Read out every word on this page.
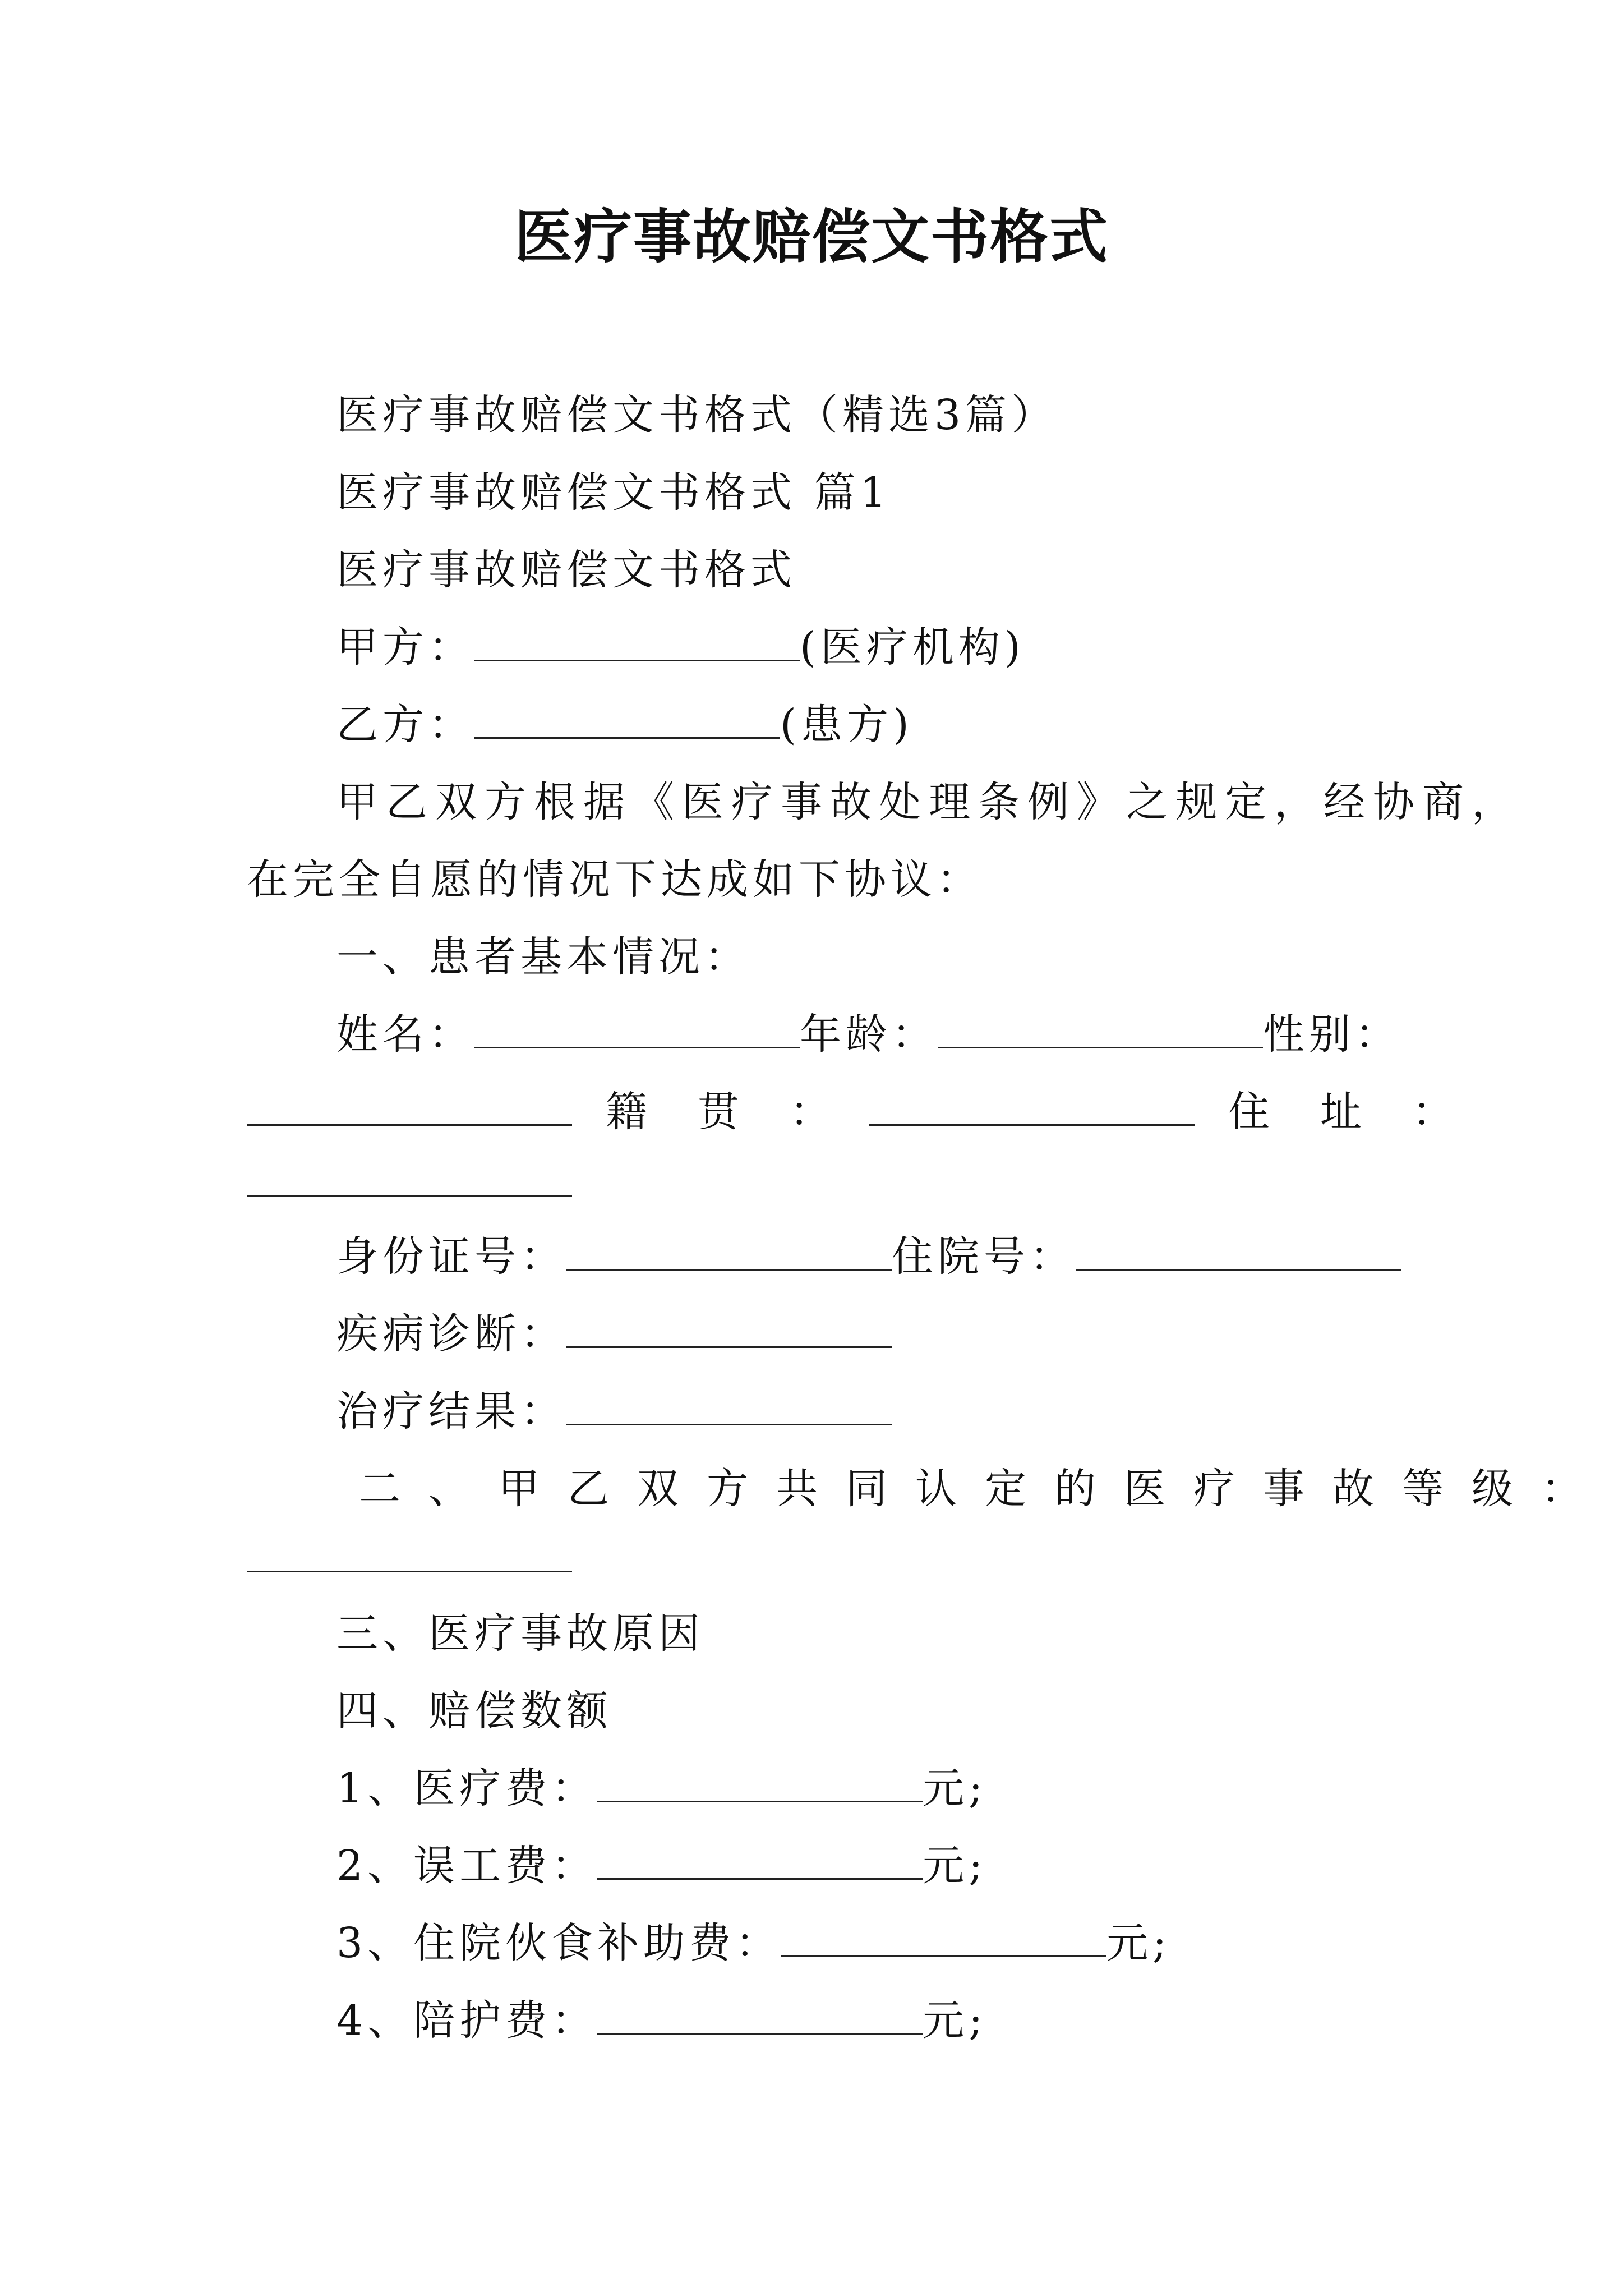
医疗事故赔偿文书格式
医疗事故赔偿文书格式（精选3篇）
医疗事故赔偿文书格式 篇1
医疗事故赔偿文书格式
甲方：	(医疗机构)
乙方：	(患方)
甲乙双方根据《医疗事故处理条例》之规定，经协商，
在完全自愿的情况下达成如下协议：
一、患者基本情况：
姓名：	年龄：	性别：
籍　贯　：	住　址　：
身份证号：	住院号：
疾病诊断：
治疗结果：
二、甲乙双方共同认定的医疗事故等级：
三、医疗事故原因
四、赔偿数额
1、医疗费：	元;
2、误工费：	元;
3、住院伙食补助费：	元;
4、陪护费：	元;
